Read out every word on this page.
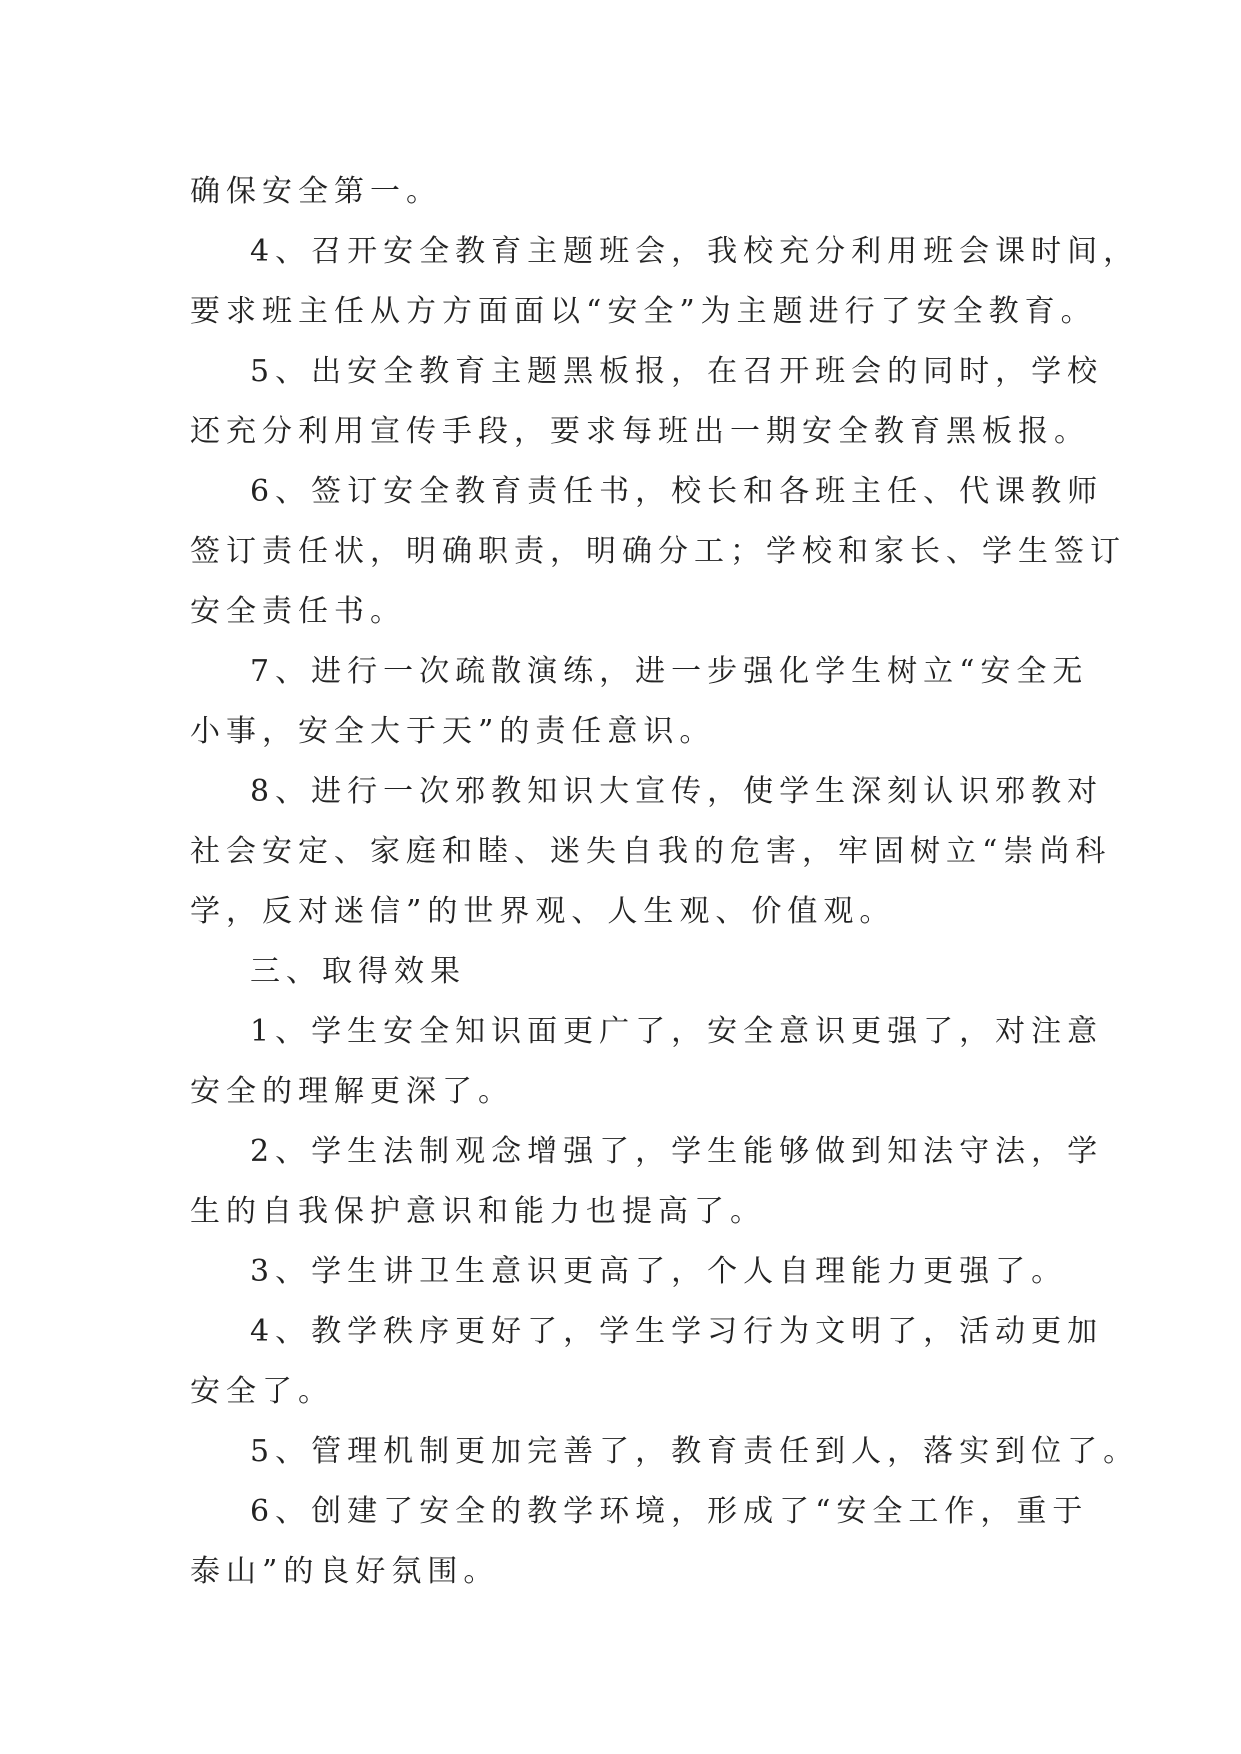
确保安全第一。
4、召开安全教育主题班会，我校充分利用班会课时间，
要求班主任从方方面面以“安全”为主题进行了安全教育。
5、出安全教育主题黑板报，在召开班会的同时，学校
还充分利用宣传手段，要求每班出一期安全教育黑板报。
6、签订安全教育责任书，校长和各班主任、代课教师
签订责任状，明确职责，明确分工；学校和家长、学生签订
安全责任书。
7、进行一次疏散演练，进一步强化学生树立“安全无
小事，安全大于天”的责任意识。
8、进行一次邪教知识大宣传，使学生深刻认识邪教对
社会安定、家庭和睦、迷失自我的危害，牢固树立“崇尚科
学，反对迷信”的世界观、人生观、价值观。
三、取得效果
1、学生安全知识面更广了，安全意识更强了，对注意
安全的理解更深了。
2、学生法制观念增强了，学生能够做到知法守法，学
生的自我保护意识和能力也提高了。
3、学生讲卫生意识更高了，个人自理能力更强了。
4、教学秩序更好了，学生学习行为文明了，活动更加
安全了。
5、管理机制更加完善了，教育责任到人，落实到位了。
6、创建了安全的教学环境，形成了“安全工作，重于
泰山”的良好氛围。
